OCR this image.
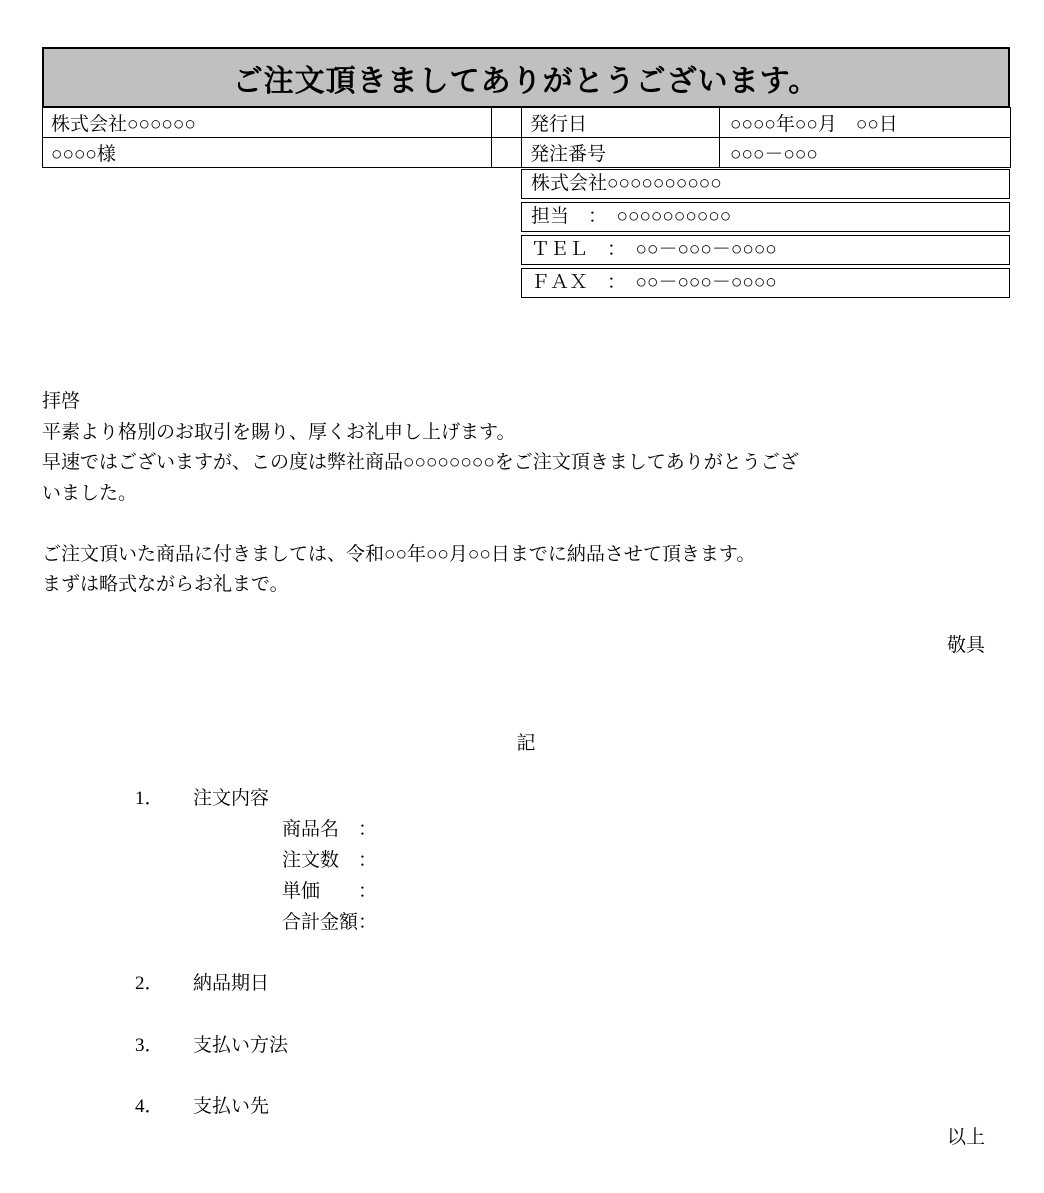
ご注文頂きましてありがとうございます。
株式会社○○○○○○		発行日	○○○○年○○月　○○日
○○○○様		発注番号	○○○－○○○
株式会社○○○○○○○○○○
担当　：　○○○○○○○○○○
ＴＥＬ　：　○○－○○○－○○○○
ＦＡＸ　：　○○－○○○－○○○○
拝啓
平素より格別のお取引を賜り、厚くお礼申し上げます。
早速ではございますが、この度は弊社商品○○○○○○○○をご注文頂きましてありがとうござ
いました。
ご注文頂いた商品に付きましては、令和○○年○○月○○日までに納品させて頂きます。
まずは略式ながらお礼まで。
敬具
記
1．	注文内容
商品名　：
注文数　：
単価　　：
合計金額：
2．	納品期日
3．	支払い方法
4．	支払い先
以上
